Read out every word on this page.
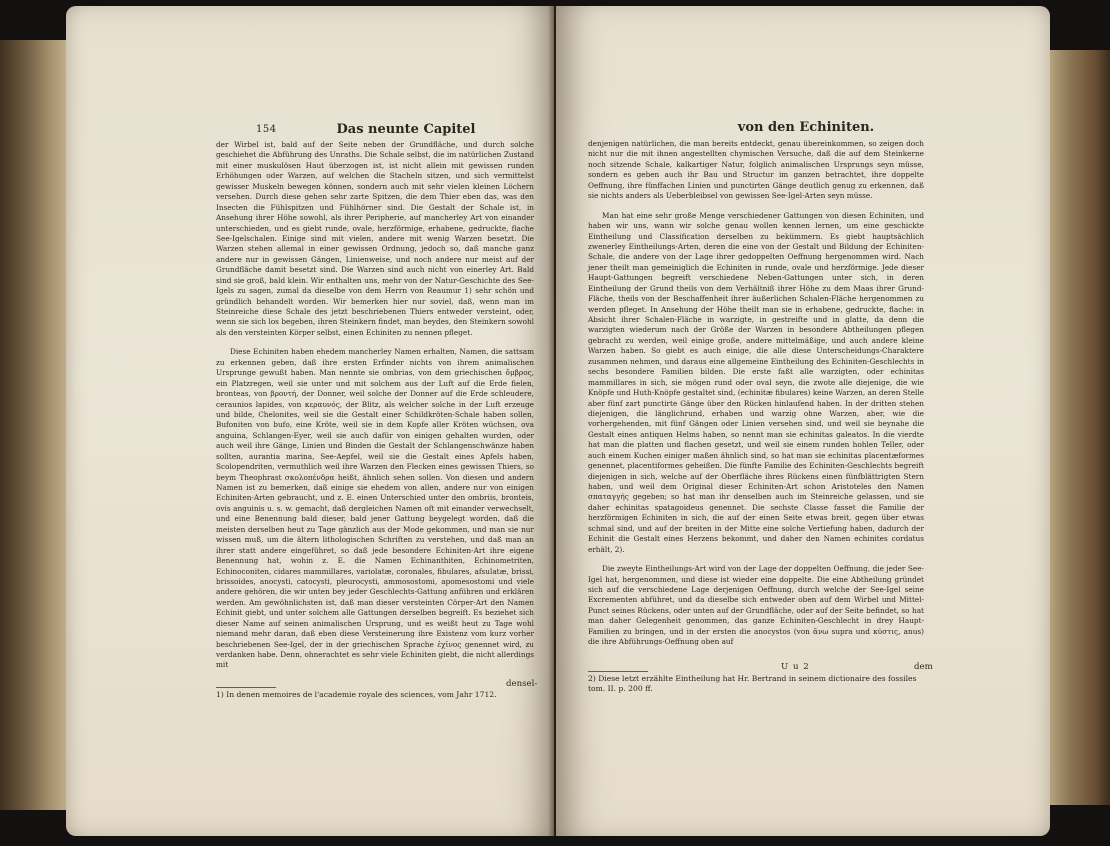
154	Das neunte Capitel

der Wirbel ist, bald auf der Seite neben der Grundfläche, und durch solche geschiehet die Abführung des Unraths. Die Schale selbst, die im natürlichen Zustand mit einer muskulösen Haut überzogen ist, ist nicht allein mit gewissen runden Erhöhungen oder Warzen, auf welchen die Stacheln sitzen, und sich vermittelst gewisser Muskeln bewegen können, sondern auch mit sehr vielen kleinen Löchern versehen. Durch diese gehen sehr zarte Spitzen, die dem Thier eben das, was den Insecten die Fühlspitzen und Fühlhörner sind. Die Gestalt der Schale ist, in Ansehung ihrer Höhe sowohl, als ihrer Peripherie, auf mancherley Art von einander unterschieden, und es giebt runde, ovale, herzförmige, erhabene, gedruckte, flache See-Igelschalen. Einige sind mit vielen, andere mit wenig Warzen besetzt. Die Warzen stehen allemal in einer gewissen Ordnung, jedoch so, daß manche ganz andere nur in gewissen Gängen, Linienweise, und noch andere nur meist auf der Grundfläche damit besetzt sind. Die Warzen sind auch nicht von einerley Art. Bald sind sie groß, bald klein. Wir enthalten uns, mehr von der Natur-Geschichte des See-Igels zu sagen, zumal da dieselbe von dem Herrn von Reaumur 1) sehr schön und gründlich behandelt worden. Wir bemerken hier nur soviel, daß, wenn man im Steinreiche diese Schale des jetzt beschriebenen Thiers entweder versteint, oder, wenn sie sich los begeben, ihren Steinkern findet, man beydes, den Steinkern sowohl als den versteinten Körper selbst, einen Echiniten zu nennen pfleget.

Diese Echiniten haben ehedem mancherley Namen erhalten, Namen, die sattsam zu erkennen geben, daß ihre ersten Erfinder nichts von ihrem animalischen Ursprunge gewußt haben. Man nennte sie ombrias, von dem griechischen ὄμβρος, ein Platzregen, weil sie unter und mit solchem aus der Luft auf die Erde fielen, bronteas, von βροντή, der Donner, weil solche der Donner auf die Erde schleudere, ceraunios lapides, von κεραυνός, der Blitz, als welcher solche in der Luft erzeuge und bilde, Chelonites, weil sie die Gestalt einer Schildkröten-Schale haben sollen, Bufoniten von bufo, eine Kröte, weil sie in dem Kopfe aller Kröten wüchsen, ova anguina, Schlangen-Eyer, weil sie auch dafür von einigen gehalten wurden, oder auch weil ihre Gänge, Linien und Binden die Gestalt der Schlangenschwänze haben sollten, aurantia marina, See-Aepfel, weil sie die Gestalt eines Apfels haben, Scolopendriten, vermuthlich weil ihre Warzen den Flecken eines gewissen Thiers, so beym Theophrast σκολοπένδρα heißt, ähnlich sehen sollen. Von diesen und andern Namen ist zu bemerken, daß einige sie ehedem von allen, andere nur von einigen Echiniten-Arten gebraucht, und z. E. einen Unterschied unter den ombriis, bronteis, ovis anguinis u. s. w. gemacht, daß dergleichen Namen oft mit einander verwechselt, und eine Benennung bald dieser, bald jener Gattung beygelegt worden, daß die meisten derselben heut zu Tage gänzlich aus der Mode gekommen, und man sie nur wissen muß, um die ältern lithologischen Schriften zu verstehen, und daß man an ihrer statt andere eingeführet, so daß jede besondere Echiniten-Art ihre eigene Benennung hat, wohin z. E. die Namen Echinanthiten, Echinometriten, Echinoconiten, cidares mammillares, variolatæ, coronales, fibulares, afsulatæ, brissi, brissoides, anocysti, catocysti, pleurocysti, ammosostomi, apomesostomi und viele andere gehören, die wir unten bey jeder Geschlechts-Gattung anführen und erklären werden. Am gewöhnlichsten ist, daß man dieser versteinten Cörper-Art den Namen Echinit giebt, und unter solchem alle Gattungen derselben begreift. Es beziehet sich dieser Name auf seinen animalischen Ursprung, und es weißt heut zu Tage wohl niemand mehr daran, daß eben diese Versteinerung ihre Existenz vom kurz vorher beschriebenen See-Igel, der in der griechischen Sprache ἐχῖνος genennet wird, zu verdanken habe. Denn, ohnerachtet es sehr viele Echiniten giebt, die nicht allerdings mit

densel-
1) In denen memoires de l'academie royale des sciences, vom Jahr 1712.
von den Echiniten.

denjenigen natürlichen, die man bereits entdeckt, genau übereinkommen, so zeigen doch nicht nur die mit ihnen angestellten chymischen Versuche, daß die auf dem Steinkerne noch sitzende Schale, kalkartiger Natur, folglich animalischen Ursprungs seyn müsse, sondern es geben auch ihr Bau und Structur im ganzen betrachtet, ihre doppelte Oeffnung, ihre fünffachen Linien und punctirten Gänge deutlich genug zu erkennen, daß sie nichts anders als Ueberbleibsel von gewissen See-Igel-Arten seyn müsse.

Man hat eine sehr große Menge verschiedener Gattungen von diesen Echiniten, und haben wir uns, wann wir solche genau wollen kennen lernen, um eine geschickte Eintheilung und Classification derselben zu bekümmern. Es giebt hauptsächlich zwenerley Eintheilungs-Arten, deren die eine von der Gestalt und Bildung der Echiniten-Schale, die andere von der Lage ihrer gedoppelten Oeffnung hergenommen wird. Nach jener theilt man gemeiniglich die Echiniten in runde, ovale und herzförmige. Jede dieser Haupt-Gattungen begreift verschiedene Neben-Gattungen unter sich, in deren Eintheilung der Grund theils von dem Verhältniß ihrer Höhe zu dem Maas ihrer Grund-Fläche, theils von der Beschaffenheit ihrer äußerlichen Schalen-Fläche hergenommen zu werden pfleget. In Ansehung der Höhe theilt man sie in erhabene, gedruckte, flache: in Absicht ihrer Schalen-Fläche in warzigte, in gestreifte und in glatte, da denn die warzigten wiederum nach der Größe der Warzen in besondere Abtheilungen pflegen gebracht zu werden, weil einige große, andere mittelmäßige, und auch andere kleine Warzen haben. So giebt es auch einige, die alle diese Unterscheidungs-Charaktere zusammen nehmen, und daraus eine allgemeine Eintheilung des Echiniten-Geschlechts in sechs besondere Familien bilden. Die erste faßt alle warzigten, oder echinitas mammillares in sich, sie mögen rund oder oval seyn, die zwote alle diejenige, die wie Knöpfe und Huth-Knöpfe gestaltet sind, (echinitæ fibulares) keine Warzen, an deren Stelle aber fünf zart punctirte Gänge über den Rücken hinlaufend haben. In der dritten stehen diejenigen, die länglichrund, erhaben und warzig ohne Warzen, aber, wie die vorhergehenden, mit fünf Gängen oder Linien versehen sind, und weil sie beynahe die Gestalt eines antiquen Helms haben, so nennt man sie echinitas galeatos. In die vierdte hat man die platten und flachen gesetzt, und weil sie einem runden hohlen Teller, oder auch einem Kuchen einiger maßen ähnlich sind, so hat man sie echinitas placentæformes genennet, placentiformes geheißen. Die fünfte Familie des Echiniten-Geschlechts begreift diejenigen in sich, welche auf der Oberfläche ihres Rückens einen fünfblättrigten Stern haben, und weil dem Original dieser Echiniten-Art schon Aristoteles den Namen σπαταγγής gegeben; so hat man ihr denselben auch im Steinreiche gelassen, und sie daher echinitas spatagoideus genennet. Die sechste Classe fasset die Familie der herzförmigen Echiniten in sich, die auf der einen Seite etwas breit, gegen über etwas schmal sind, und auf der breiten in der Mitte eine solche Vertiefung haben, dadurch der Echinit die Gestalt eines Herzens bekommt, und daher den Namen echinites cordatus erhält, 2).

Die zweyte Eintheilungs-Art wird von der Lage der doppelten Oeffnung, die jeder See-Igel hat, hergenommen, und diese ist wieder eine doppelte. Die eine Abtheilung gründet sich auf die verschiedene Lage derjenigen Oeffnung, durch welche der See-Igel seine Excrementen abführet, und da dieselbe sich entweder oben auf dem Wirbel und Mittel-Punct seines Rückens, oder unten auf der Grundfläche, oder auf der Seite befindet, so hat man daher Gelegenheit genommen, das ganze Echiniten-Geschlecht in drey Haupt-Familien zu bringen, und in der ersten die anocystos (von ἄνω supra und κύστις, anus) die ihre Abführungs-Oeffnung oben auf

U u 2	dem
2) Diese letzt erzählte Eintheilung hat Hr. Bertrand in seinem dictionaire des fossiles tom. II. p. 200 ff.
